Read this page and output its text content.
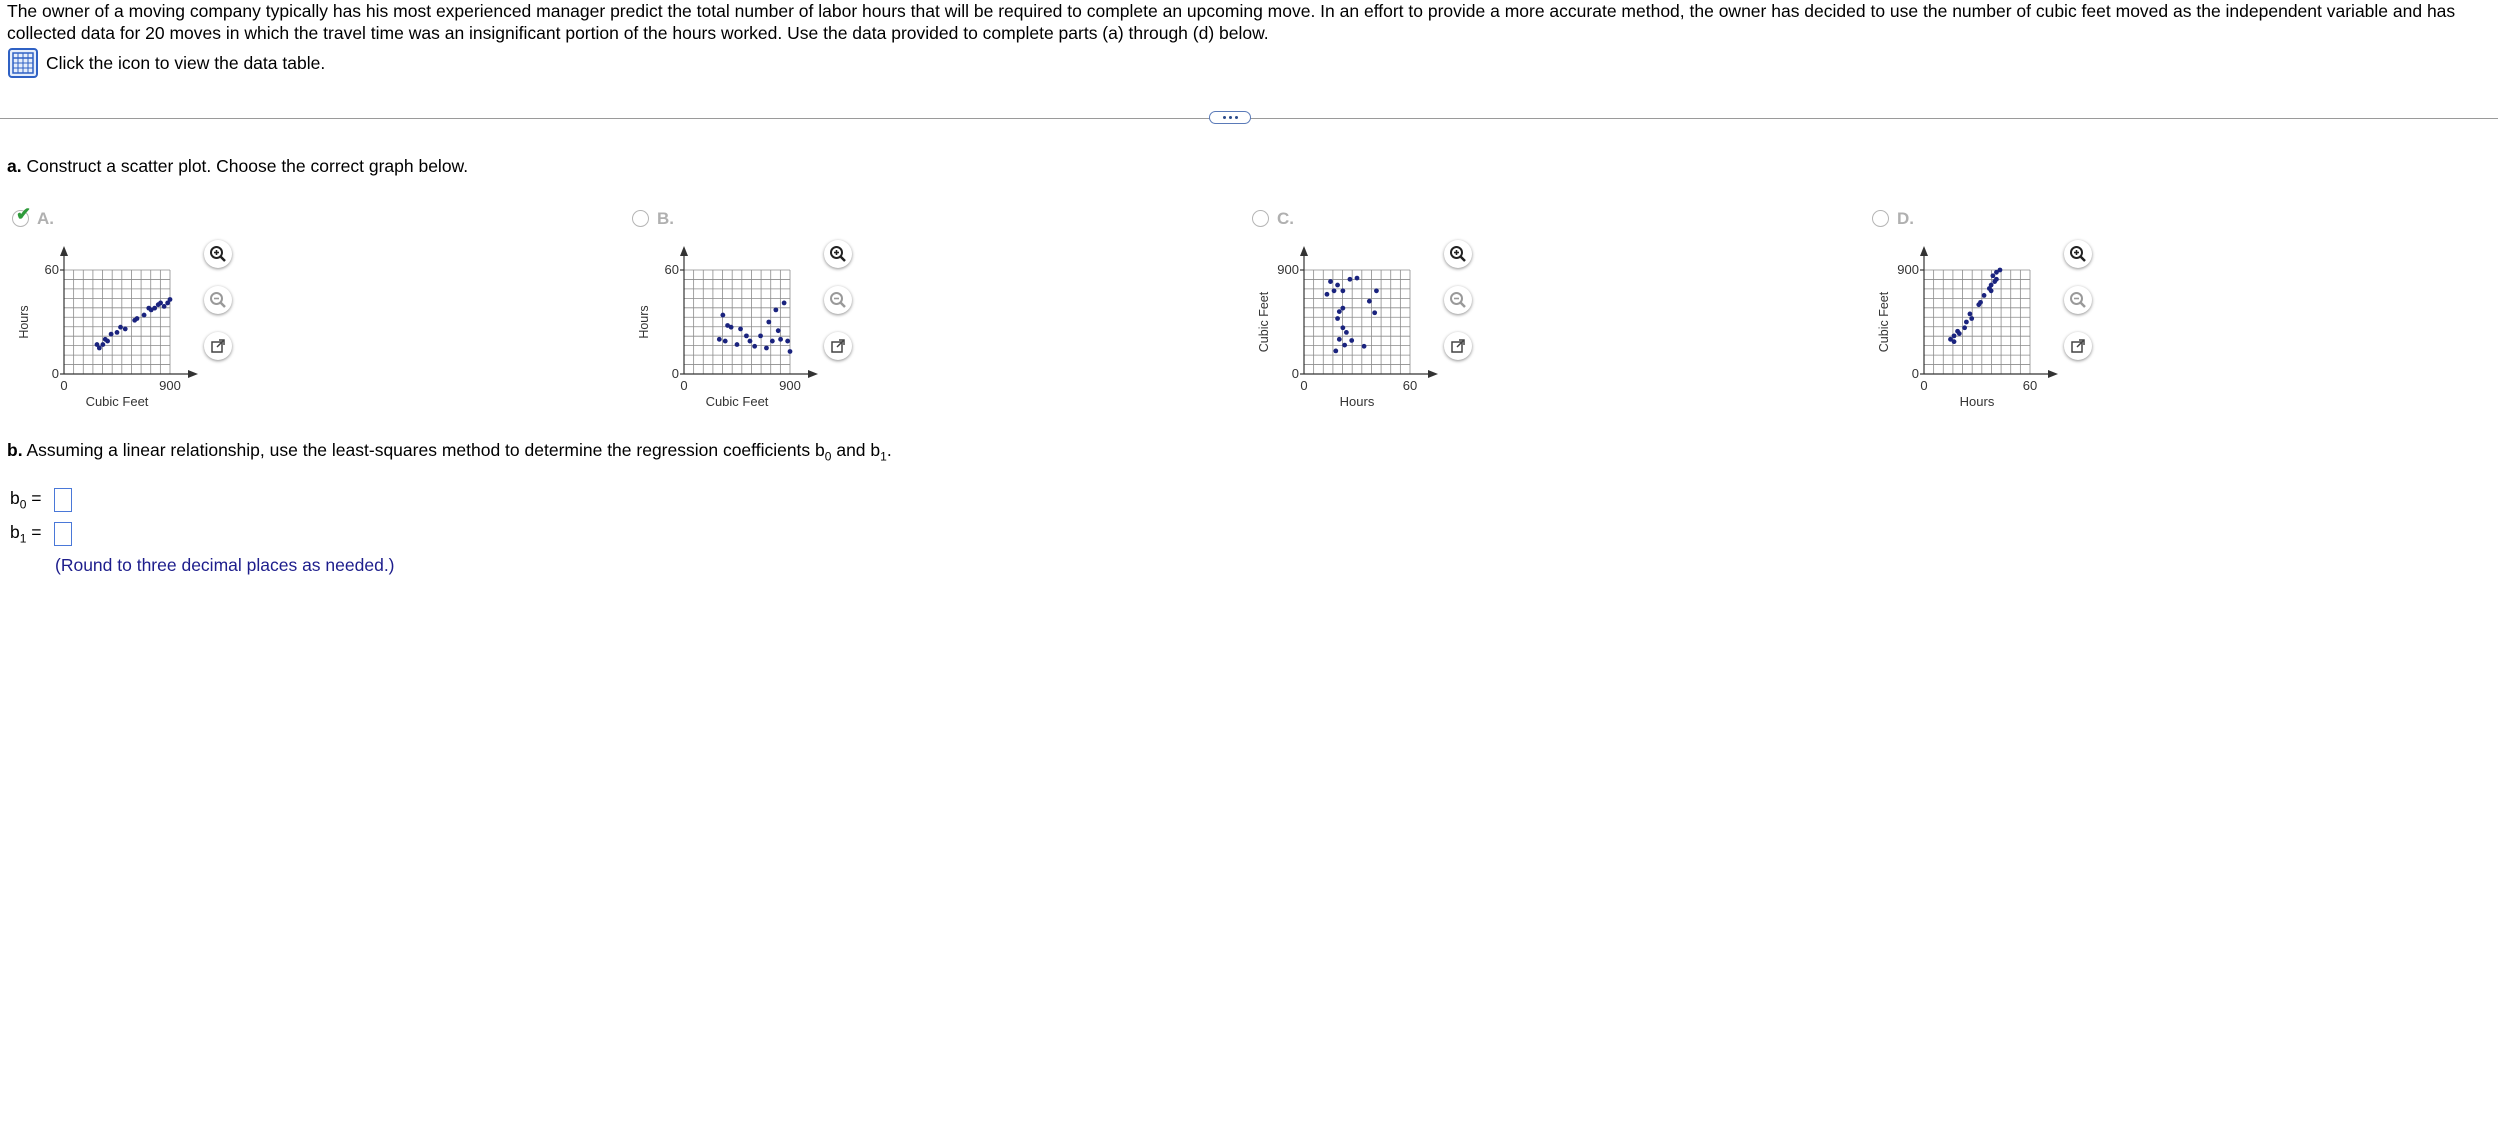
The owner of a moving company typically has his most experienced manager predict the total number of labor hours that will be required to complete an upcoming move. In an effort to provide a more accurate method, the owner has decided to use the number of cubic feet moved as the independent variable and has collected data for 20 moves in which the travel time was an insignificant portion of the hours worked. Use the data provided to complete parts (a) through (d) below.
Click the icon to view the data table.
a. Construct a scatter plot. Choose the correct graph below.
✔ A.
60
0
0	900
Cubic Feet
Hours
B.
60
0
0	900
Cubic Feet
Hours
C.
900
0
0	60
Hours
Cubic Feet
D.
900
0
0	60
Hours
Cubic Feet
b. Assuming a linear relationship, use the least-squares method to determine the regression coefficients $b_0$ and $b_1$.
$b_0$ =
$b_1$ =
(Round to three decimal places as needed.)
